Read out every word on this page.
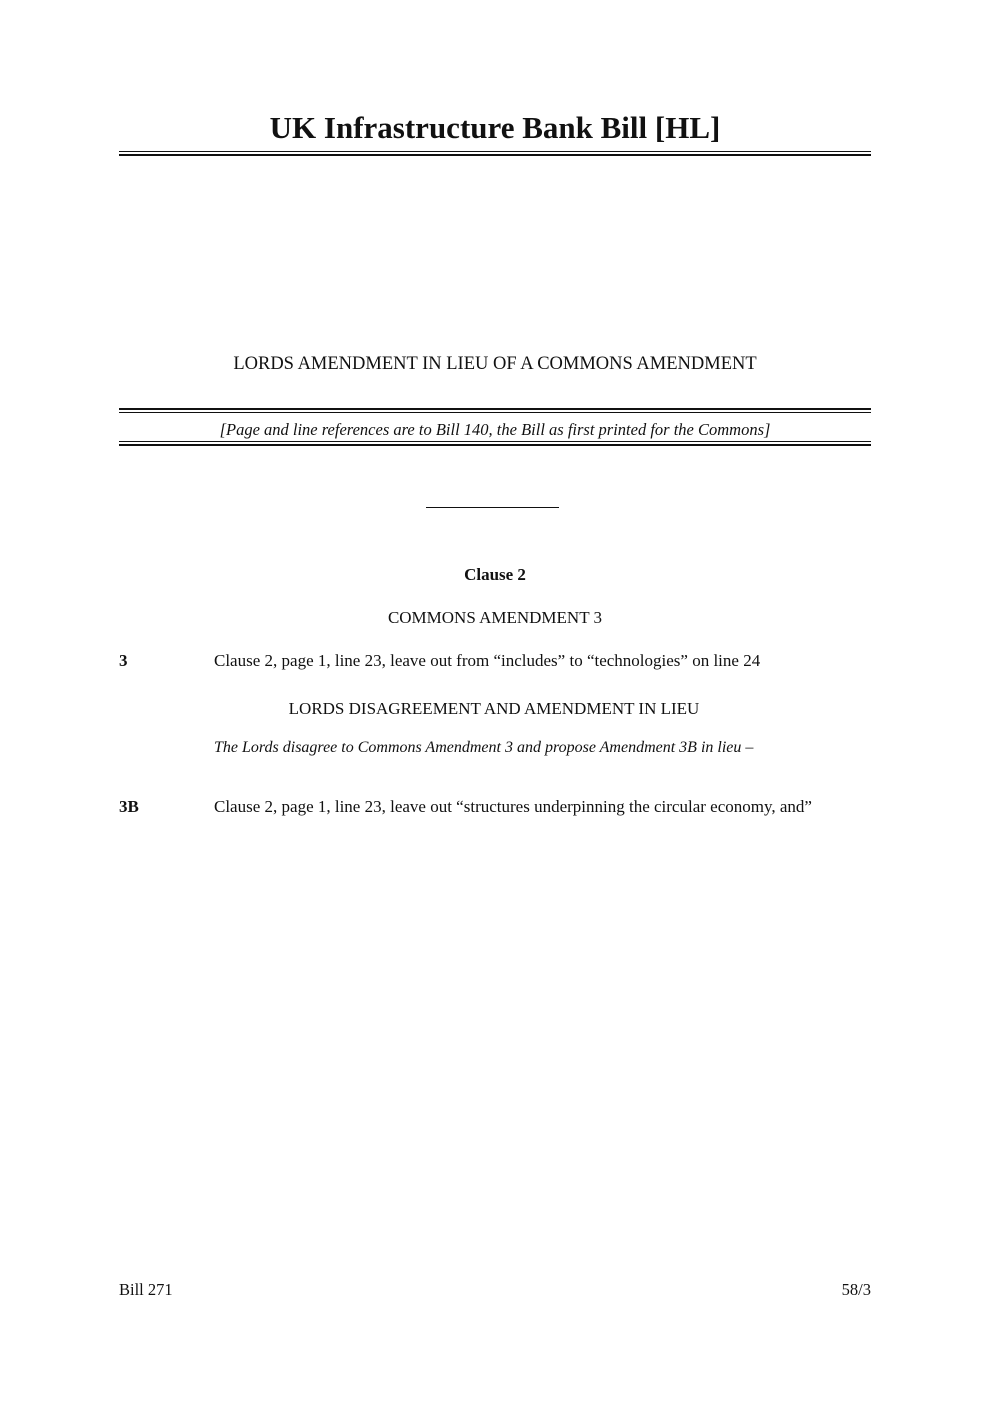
UK Infrastructure Bank Bill [HL]
LORDS AMENDMENT IN LIEU OF A COMMONS AMENDMENT
[Page and line references are to Bill 140, the Bill as first printed for the Commons]
Clause 2
COMMONS AMENDMENT 3
3	Clause 2, page 1, line 23, leave out from “includes” to “technologies” on line 24
LORDS DISAGREEMENT AND AMENDMENT IN LIEU
The Lords disagree to Commons Amendment 3 and propose Amendment 3B in lieu –
3B	Clause 2, page 1, line 23, leave out “structures underpinning the circular economy, and”
Bill 271	58/3
